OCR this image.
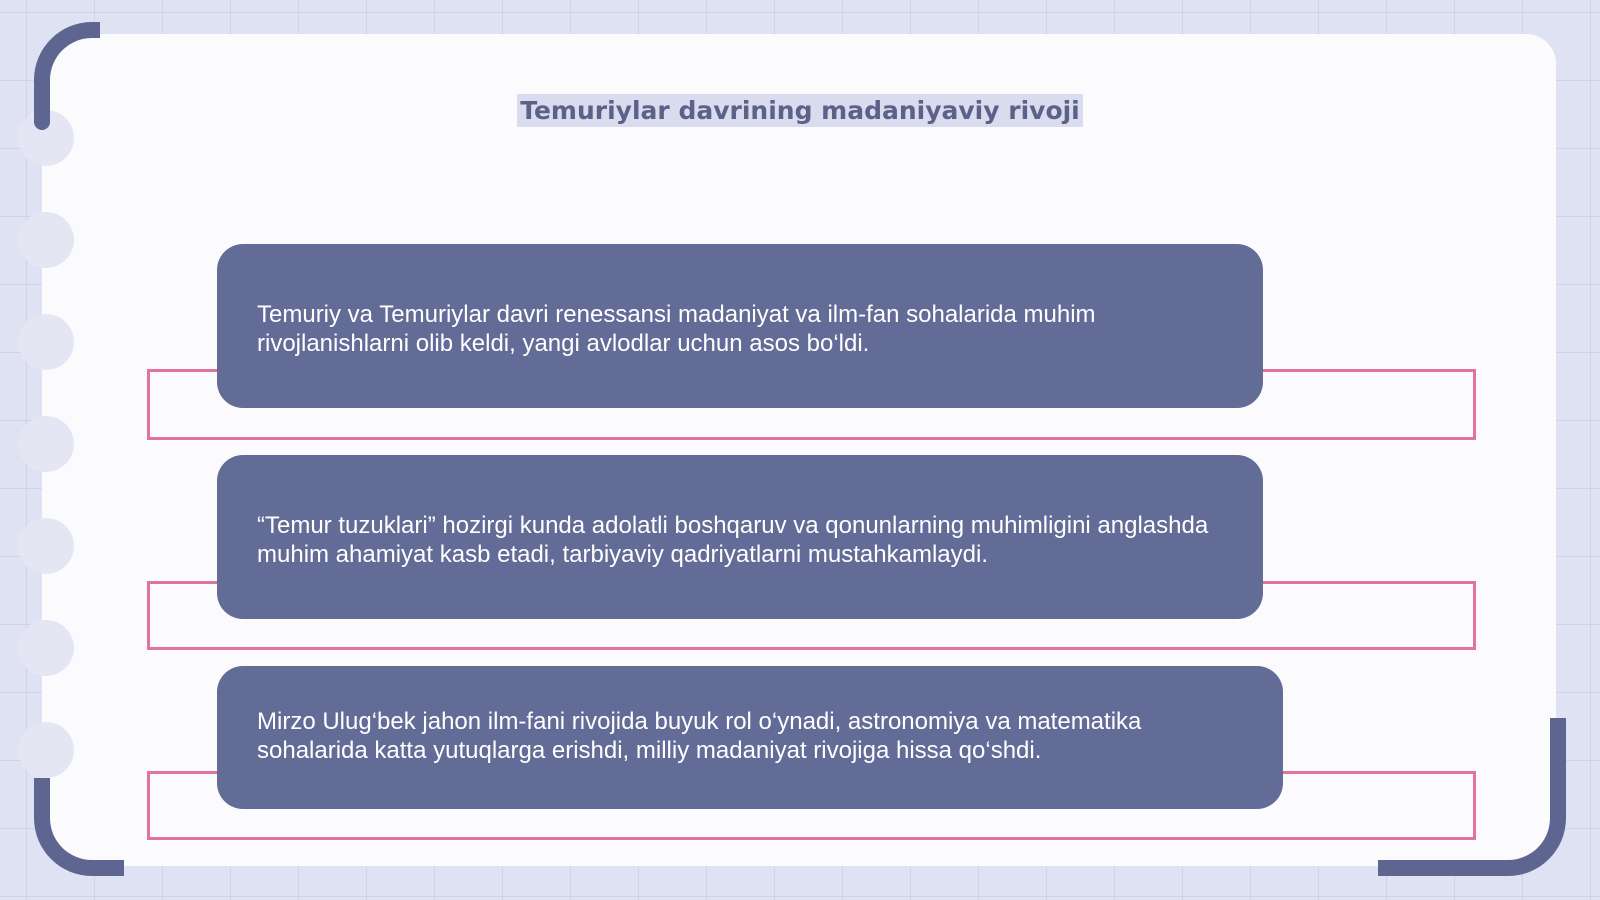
Temuriylar davrining madaniyaviy rivoji

Temuriy va Temuriylar davri renessansi madaniyat va ilm-fan sohalarida muhim rivojlanishlarni olib keldi, yangi avlodlar uchun asos bo‘ldi.

“Temur tuzuklari” hozirgi kunda adolatli boshqaruv va qonunlarning muhimligini anglashda muhim ahamiyat kasb etadi, tarbiyaviy qadriyatlarni mustahkamlaydi.

Mirzo Ulug‘bek jahon ilm-fani rivojida buyuk rol o‘ynadi, astronomiya va matematika sohalarida katta yutuqlarga erishdi, milliy madaniyat rivojiga hissa qo‘shdi.
